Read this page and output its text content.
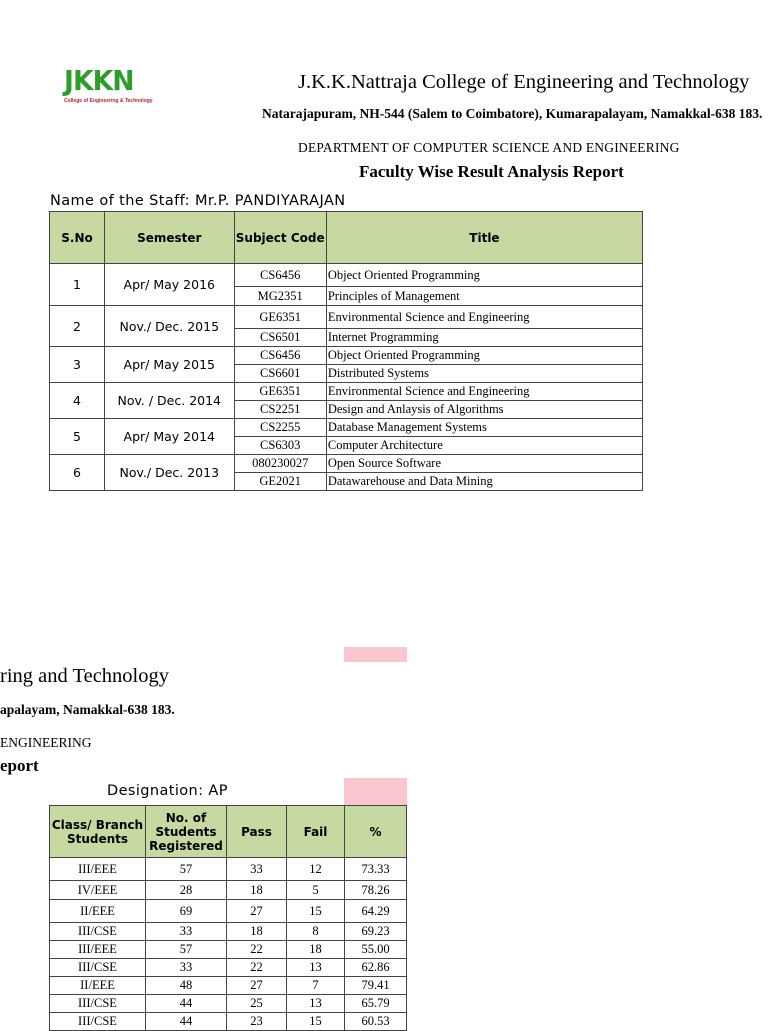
JKKN
College of Engineering & Technology
J.K.K.Nattraja College of Engineering and Technology
Natarajapuram, NH-544 (Salem to Coimbatore), Kumarapalayam, Namakkal-638 183.
DEPARTMENT OF COMPUTER SCIENCE AND ENGINEERING
Faculty Wise Result Analysis Report
Name of the Staff: Mr.P. PANDIYARAJAN
S.No	Semester	Subject Code	Title
1	Apr/ May 2016	CS6456	Object Oriented Programming
		MG2351	Principles of Management
2	Nov./ Dec. 2015	GE6351	Environmental Science and Engineering
		CS6501	Internet Programming
3	Apr/ May 2015	CS6456	Object Oriented Programming
		CS6601	Distributed Systems
4	Nov. / Dec. 2014	GE6351	Environmental Science and Engineering
		CS2251	Design and Anlaysis of Algorithms
5	Apr/ May 2014	CS2255	Database Management Systems
		CS6303	Computer Architecture
6	Nov./ Dec. 2013	080230027	Open Source Software
		GE2021	Datawarehouse and Data Mining
ring and Technology
apalayam, Namakkal-638 183.
ENGINEERING
eport
Designation: AP
Class/ Branch Students	No. of Students Registered	Pass	Fail	%
III/EEE	57	33	12	73.33
IV/EEE	28	18	5	78.26
II/EEE	69	27	15	64.29
III/CSE	33	18	8	69.23
III/EEE	57	22	18	55.00
III/CSE	33	22	13	62.86
II/EEE	48	27	7	79.41
III/CSE	44	25	13	65.79
III/CSE	44	23	15	60.53
